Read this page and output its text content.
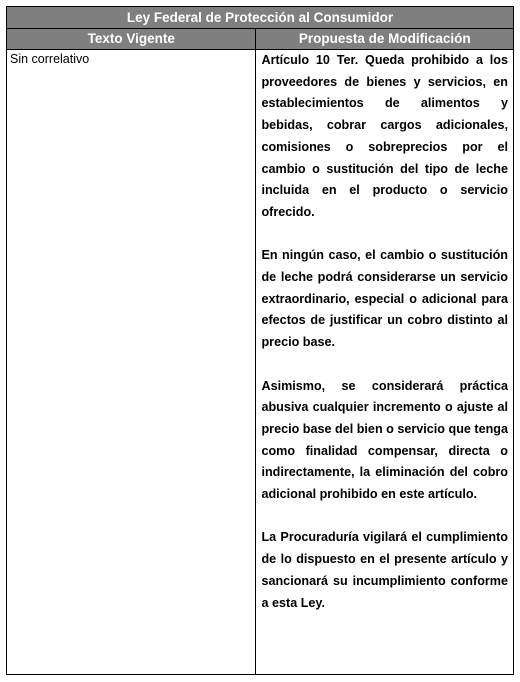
Ley Federal de Protección al Consumidor	
Texto Vigente	Propuesta de Modificación
Sin correlativo	Artículo 10 Ter. Queda prohibido a los proveedores de bienes y servicios, en establecimientos de alimentos y bebidas, cobrar cargos adicionales, comisiones o sobreprecios por el cambio o sustitución del tipo de leche incluida en el producto o servicio ofrecido.

En ningún caso, el cambio o sustitución de leche podrá considerarse un servicio extraordinario, especial o adicional para efectos de justificar un cobro distinto al precio base.

Asimismo, se considerará práctica abusiva cualquier incremento o ajuste al precio base del bien o servicio que tenga como finalidad compensar, directa o indirectamente, la eliminación del cobro adicional prohibido en este artículo.

La Procuraduría vigilará el cumplimiento de lo dispuesto en el presente artículo y sancionará su incumplimiento conforme a esta Ley.
